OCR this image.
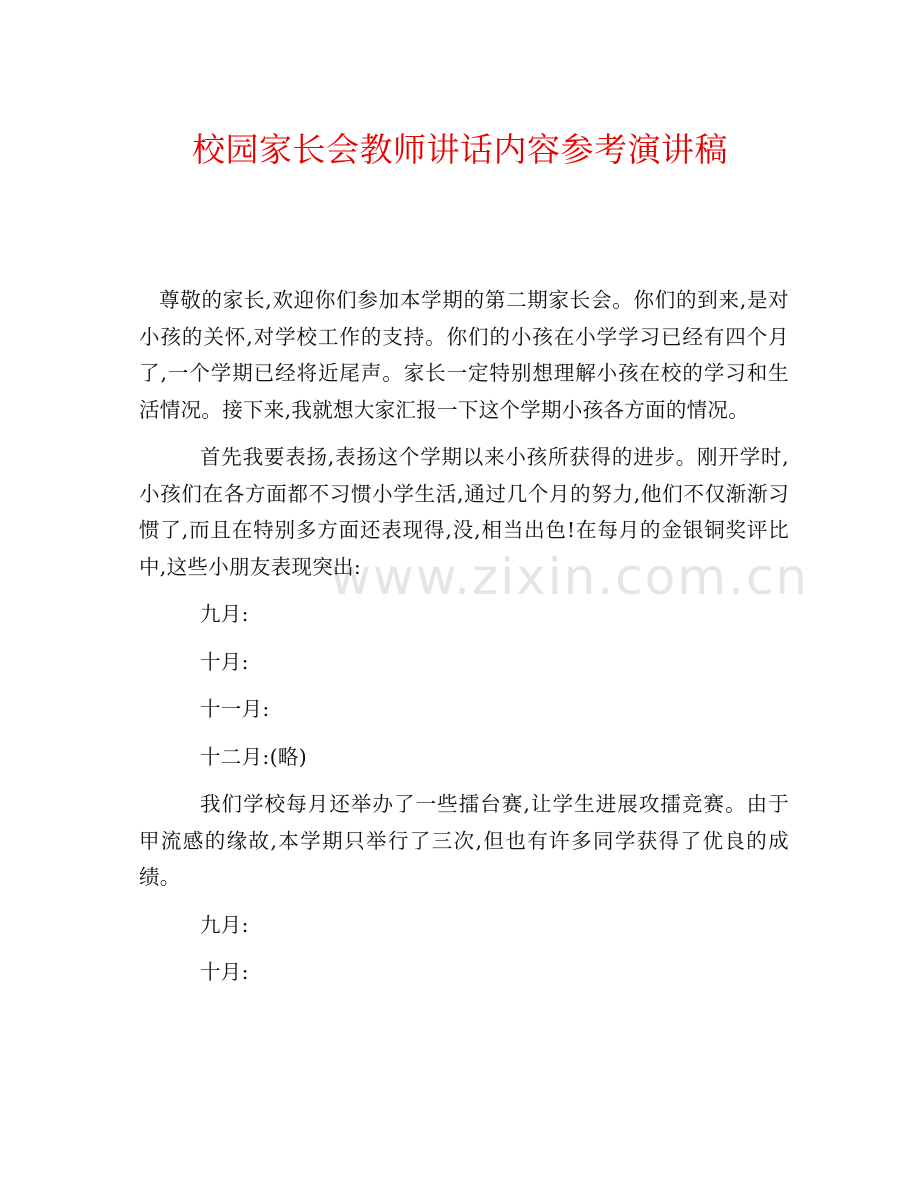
www.zixin.com.cn
校园家长会教师讲话内容参考演讲稿

尊敬的家长,欢迎你们参加本学期的第二期家长会。你们的到来,是对小孩的关怀,对学校工作的支持。你们的小孩在小学学习已经有四个月了,一个学期已经将近尾声。家长一定特别想理解小孩在校的学习和生活情况。接下来,我就想大家汇报一下这个学期小孩各方面的情况。

首先我要表扬,表扬这个学期以来小孩所获得的进步。刚开学时,小孩们在各方面都不习惯小学生活,通过几个月的努力,他们不仅渐渐习惯了,而且在特别多方面还表现得,没,相当出色!在每月的金银铜奖评比中,这些小朋友表现突出:

九月:
十月:
十一月:
十二月:(略)

我们学校每月还举办了一些擂台赛,让学生进展攻擂竞赛。由于甲流感的缘故,本学期只举行了三次,但也有许多同学获得了优良的成绩。

九月:
十月:
